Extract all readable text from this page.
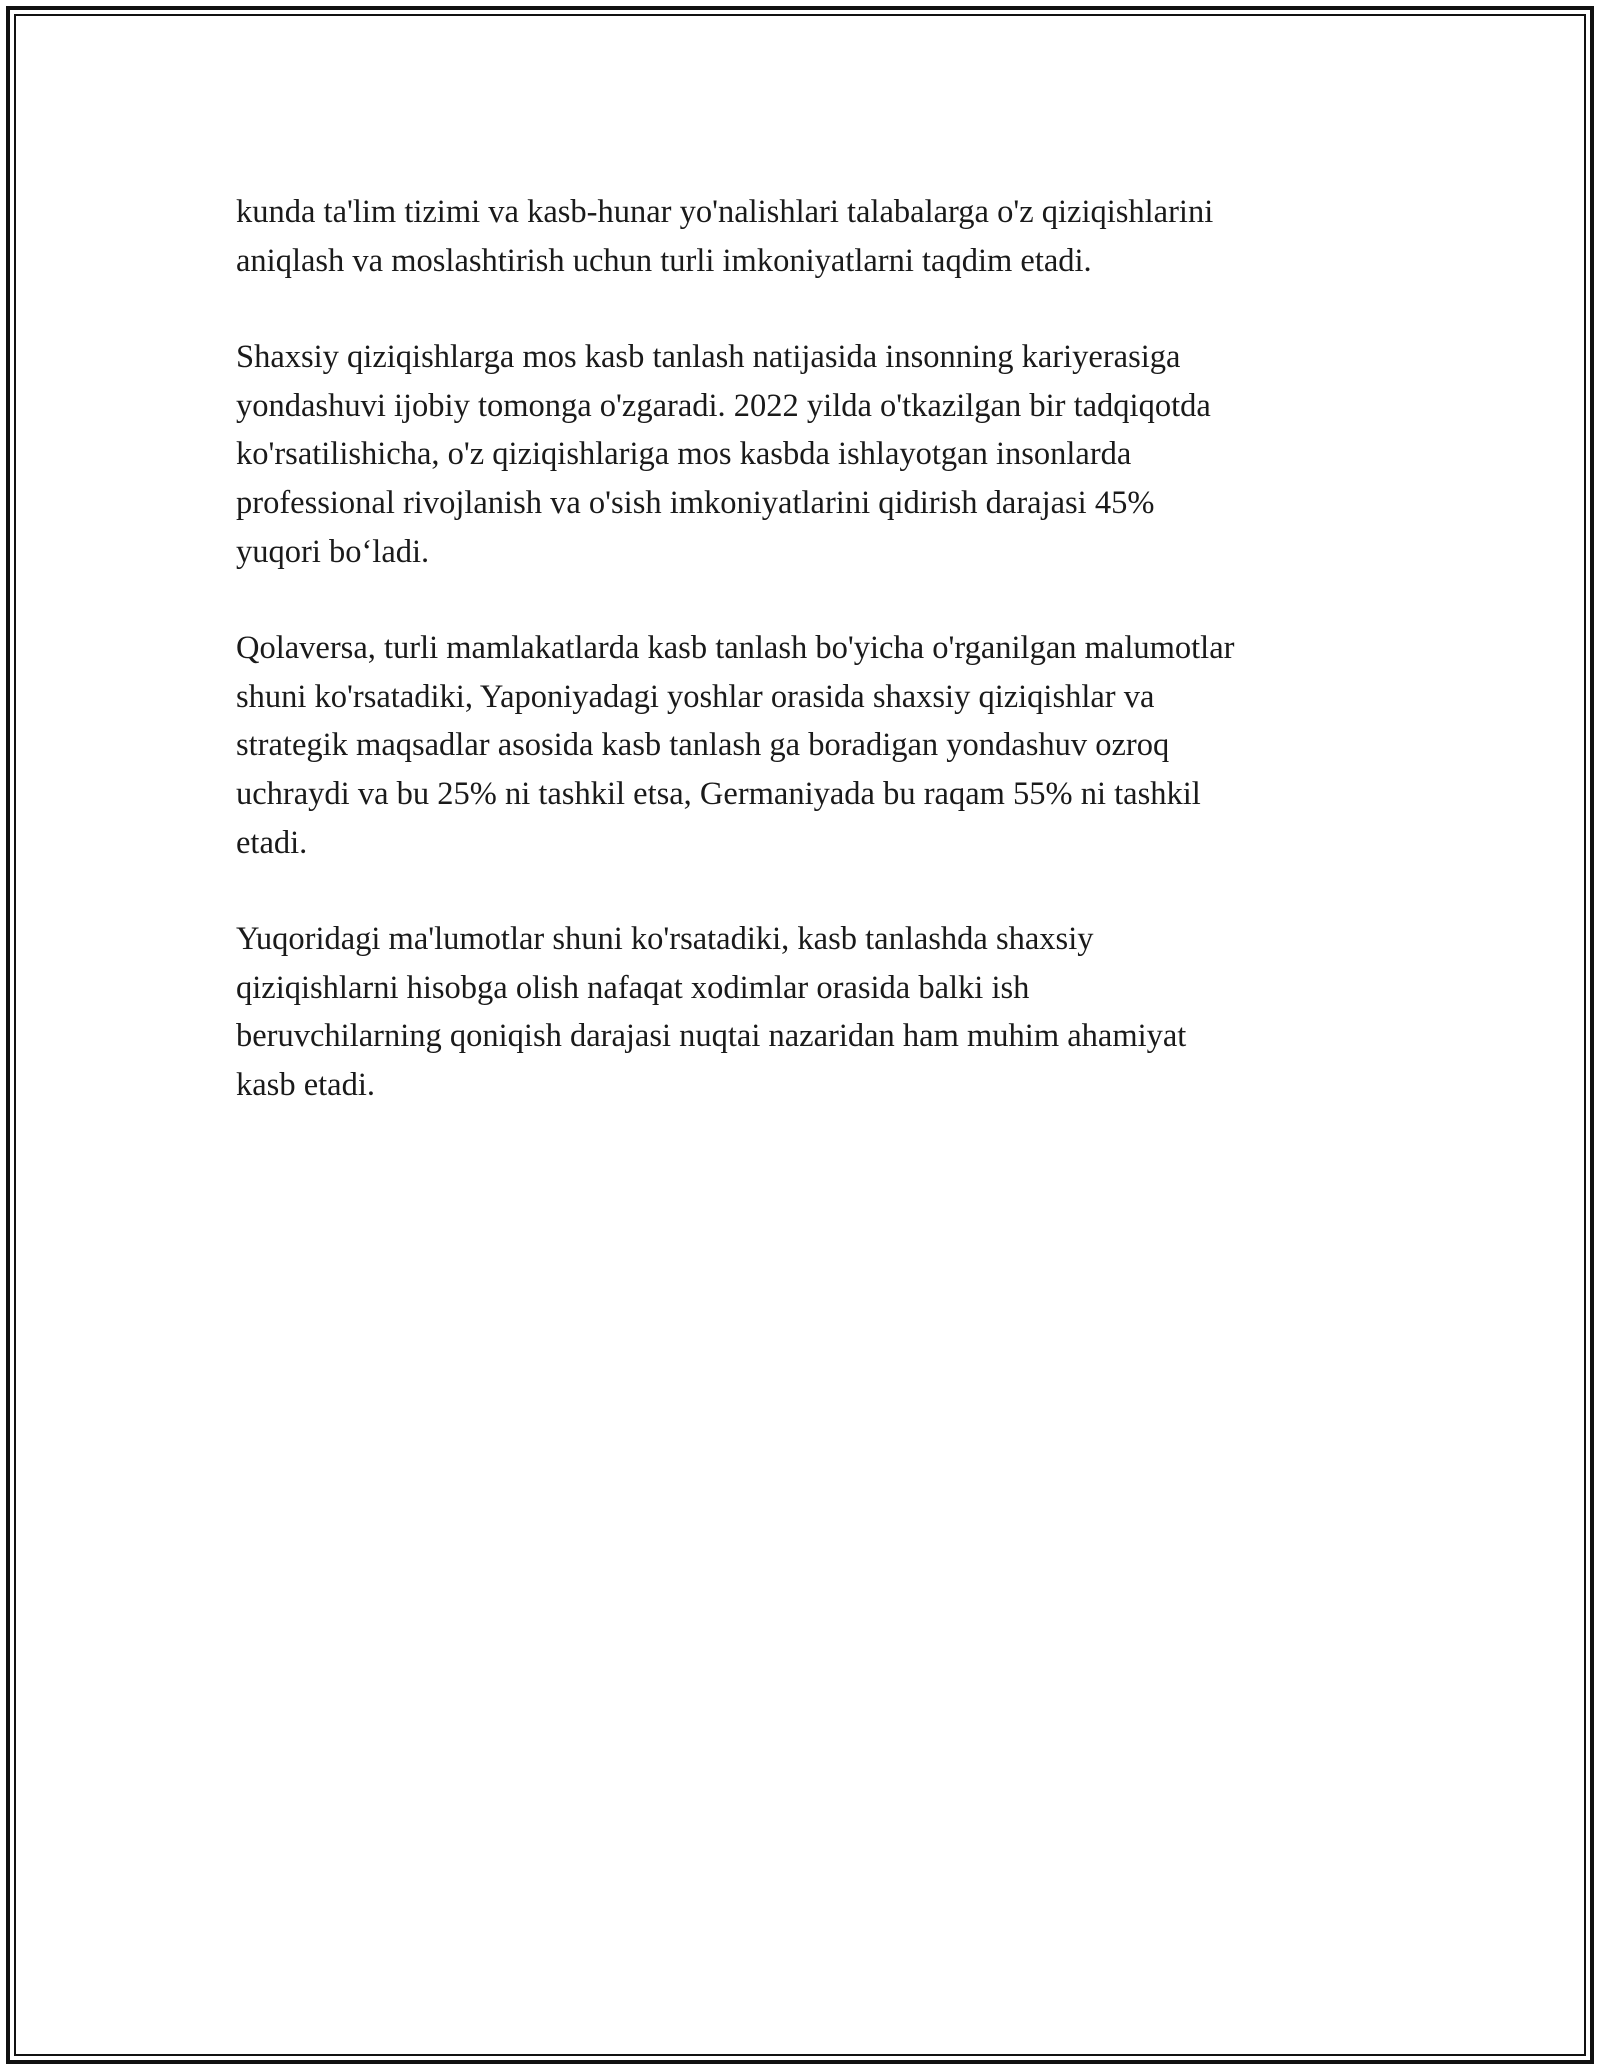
kunda ta'lim tizimi va kasb-hunar yo'nalishlari talabalarga o'z qiziqishlarini
aniqlash va moslashtirish uchun turli imkoniyatlarni taqdim etadi.

Shaxsiy qiziqishlarga mos kasb tanlash natijasida insonning kariyerasiga
yondashuvi ijobiy tomonga o'zgaradi. 2022 yilda o'tkazilgan bir tadqiqotda
ko'rsatilishicha, o'z qiziqishlariga mos kasbda ishlayotgan insonlarda
professional rivojlanish va o'sish imkoniyatlarini qidirish darajasi 45%
yuqori bo‘ladi.

Qolaversa, turli mamlakatlarda kasb tanlash bo'yicha o'rganilgan malumotlar
shuni ko'rsatadiki, Yaponiyadagi yoshlar orasida shaxsiy qiziqishlar va
strategik maqsadlar asosida kasb tanlash ga boradigan yondashuv ozroq
uchraydi va bu 25% ni tashkil etsa, Germaniyada bu raqam 55% ni tashkil
etadi.

Yuqoridagi ma'lumotlar shuni ko'rsatadiki, kasb tanlashda shaxsiy
qiziqishlarni hisobga olish nafaqat xodimlar orasida balki ish
beruvchilarning qoniqish darajasi nuqtai nazaridan ham muhim ahamiyat
kasb etadi.
